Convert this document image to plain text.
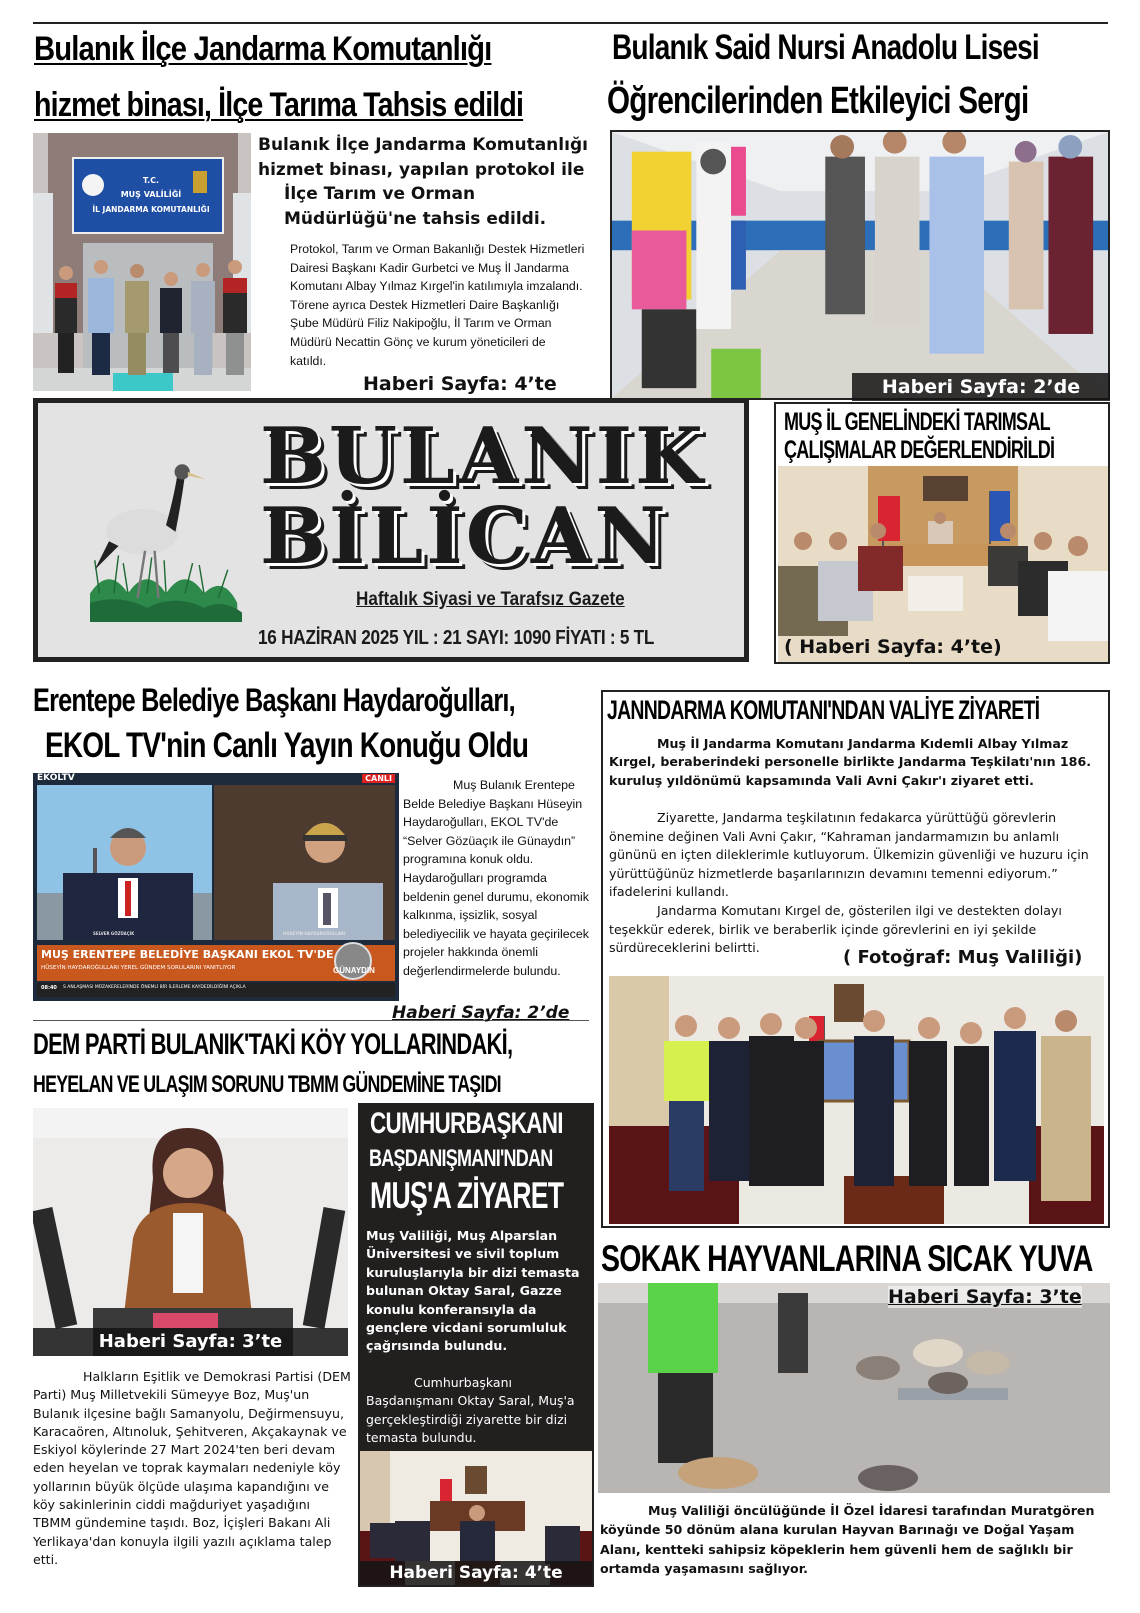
Bulanık İlçe Jandarma Komutanlığı
hizmet binası, İlçe Tarıma Tahsis edildi
T.C.
MUŞ VALİLİĞİ
İL JANDARMA KOMUTANLIĞI
Bulanık İlçe Jandarma Komutanlığı
hizmet binası, yapılan protokol ile
İlçe Tarım ve Orman
Müdürlüğü'ne tahsis edildi.
Protokol, Tarım ve Orman Bakanlığı Destek Hizmetleri Dairesi Başkanı Kadir Gurbetci ve Muş İl Jandarma Komutanı Albay Yılmaz Kırgel'in katılımıyla imzalandı. Törene ayrıca Destek Hizmetleri Daire Başkanlığı Şube Müdürü Filiz Nakipoğlu, İl Tarım ve Orman Müdürü Necattin Gönç ve kurum yöneticileri de katıldı.
Haberi Sayfa: 4’te
Bulanık Said Nursi Anadolu Lisesi
Öğrencilerinden Etkileyici Sergi
Haberi Sayfa: 2’de
BULANIK
BİLİCAN
Haftalık Siyasi ve Tarafsız Gazete
16 HAZİRAN 2025 YIL : 21 SAYI: 1090 FİYATI : 5 TL
MUŞ İL GENELİNDEKİ TARIMSAL
ÇALIŞMALAR DEĞERLENDİRİLDİ
( Haberi Sayfa: 4’te)
Erentepe Belediye Başkanı Haydaroğulları,
EKOL TV'nin Canlı Yayın Konuğu Oldu
EKOLTV	CANLI
SELVER GÖZÜAÇIK	HÜSEYİN HAYDAROĞULLARI
MUŞ ERENTEPE BELEDİYE BAŞKANI EKOL TV'DE
HÜSEYİN HAYDAROĞULLARI YEREL GÜNDEM SORULARINI YANITLIYOR	GÜNAYDIN
08:40 S ANLAŞMASI MÜZAKERELERİNDE ÖNEMLİ BİR İLERLEME KAYDEDİLDİĞİNİ AÇIKLA
Muş Bulanık Erentepe Belde Belediye Başkanı Hüseyin Haydaroğulları, EKOL TV'de “Selver Gözüaçık ile Günaydın” programına konuk oldu. Haydaroğulları programda beldenin genel durumu, ekonomik kalkınma, işsizlik, sosyal belediyecilik ve hayata geçirilecek projeler hakkında önemli değerlendirmelerde bulundu.
Haberi Sayfa: 2’de
JANNDARMA KOMUTANI'NDAN VALİYE ZİYARETİ
Muş İl Jandarma Komutanı Jandarma Kıdemli Albay Yılmaz Kırgel, beraberindeki personelle birlikte Jandarma Teşkilatı'nın 186. kuruluş yıldönümü kapsamında Vali Avni Çakır'ı ziyaret etti.
Ziyarette, Jandarma teşkilatının fedakarca yürüttüğü görevlerin önemine değinen Vali Avni Çakır, “Kahraman jandarmamızın bu anlamlı gününü en içten dileklerimle kutluyorum. Ülkemizin güvenliği ve huzuru için yürüttüğünüz hizmetlerde başarılarınızın devamını temenni ediyorum.” ifadelerini kullandı.
Jandarma Komutanı Kırgel de, gösterilen ilgi ve destekten dolayı teşekkür ederek, birlik ve beraberlik içinde görevlerini en iyi şekilde sürdüreceklerini belirtti.	( Fotoğraf: Muş Valiliği)
DEM PARTİ BULANIK'TAKİ KÖY YOLLARINDAKİ,
HEYELAN VE ULAŞIM SORUNU TBMM GÜNDEMİNE TAŞIDI
Haberi Sayfa: 3’te
Halkların Eşitlik ve Demokrasi Partisi (DEM Parti) Muş Milletvekili Sümeyye Boz, Muş'un Bulanık ilçesine bağlı Samanyolu, Değirmensuyu, Karacaören, Altınoluk, Şehitveren, Akçakaynak ve Eskiyol köylerinde 27 Mart 2024'ten beri devam eden heyelan ve toprak kaymaları nedeniyle köy yollarının büyük ölçüde ulaşıma kapandığını ve köy sakinlerinin ciddi mağduriyet yaşadığını TBMM gündemine taşıdı. Boz, İçişleri Bakanı Ali Yerlikaya'dan konuyla ilgili yazılı açıklama talep etti.
CUMHURBAŞKANI
BAŞDANIŞMANI'NDAN
MUŞ'A ZİYARET
Muş Valiliği, Muş Alparslan Üniversitesi ve sivil toplum kuruluşlarıyla bir dizi temasta bulunan Oktay Saral, Gazze konulu konferansıyla da gençlere vicdani sorumluluk çağrısında bulundu.
Cumhurbaşkanı Başdanışmanı Oktay Saral, Muş'a gerçekleştirdiği ziyarette bir dizi temasta bulundu.
Haberi Sayfa: 4’te
SOKAK HAYVANLARINA SICAK YUVA
Haberi Sayfa: 3’te
Muş Valiliği öncülüğünde İl Özel İdaresi tarafından Muratgören köyünde 50 dönüm alana kurulan Hayvan Barınağı ve Doğal Yaşam Alanı, kentteki sahipsiz köpeklerin hem güvenli hem de sağlıklı bir ortamda yaşamasını sağlıyor.
